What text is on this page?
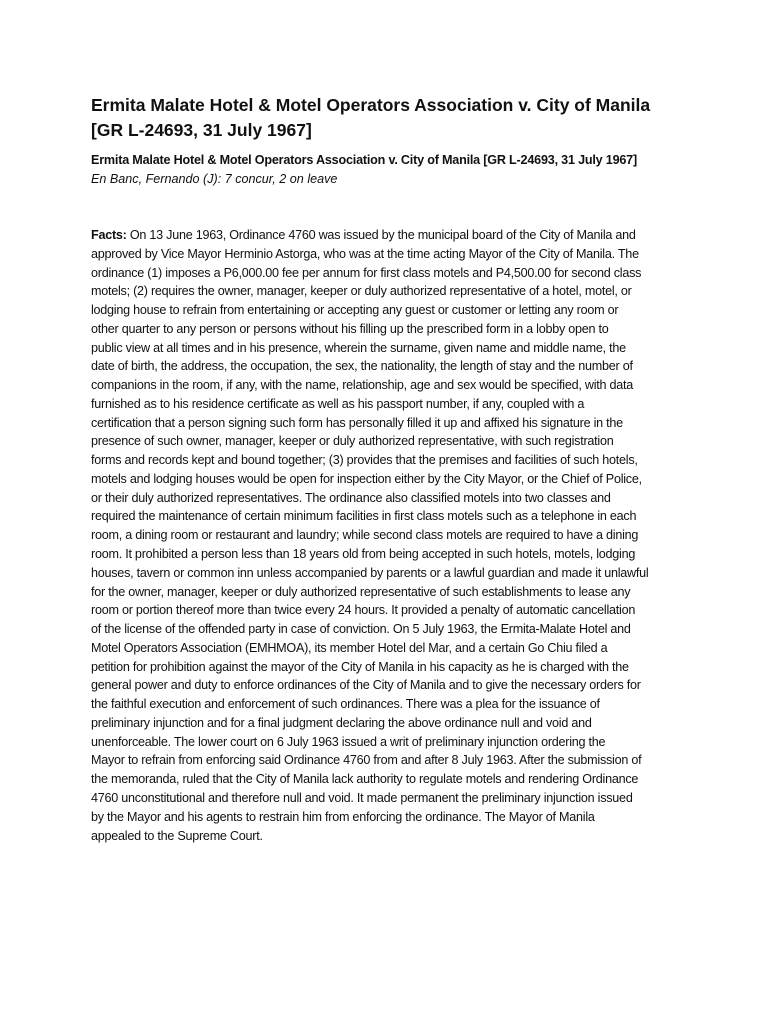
Ermita Malate Hotel & Motel Operators Association v. City of Manila [GR L-24693, 31 July 1967]

Ermita Malate Hotel & Motel Operators Association v. City of Manila [GR L-24693, 31 July 1967]

En Banc, Fernando (J): 7 concur, 2 on leave

Facts: On 13 June 1963, Ordinance 4760 was issued by the municipal board of the City of Manila and
approved by Vice Mayor Herminio Astorga, who was at the time acting Mayor of the City of Manila. The
ordinance (1) imposes a P6,000.00 fee per annum for first class motels and P4,500.00 for second class
motels; (2) requires the owner, manager, keeper or duly authorized representative of a hotel, motel, or
lodging house to refrain from entertaining or accepting any guest or customer or letting any room or
other quarter to any person or persons without his filling up the prescribed form in a lobby open to
public view at all times and in his presence, wherein the surname, given name and middle name, the
date of birth, the address, the occupation, the sex, the nationality, the length of stay and the number of
companions in the room, if any, with the name, relationship, age and sex would be specified, with data
furnished as to his residence certificate as well as his passport number, if any, coupled with a
certification that a person signing such form has personally filled it up and affixed his signature in the
presence of such owner, manager, keeper or duly authorized representative, with such registration
forms and records kept and bound together; (3) provides that the premises and facilities of such hotels,
motels and lodging houses would be open for inspection either by the City Mayor, or the Chief of Police,
or their duly authorized representatives. The ordinance also classified motels into two classes and
required the maintenance of certain minimum facilities in first class motels such as a telephone in each
room, a dining room or restaurant and laundry; while second class motels are required to have a dining
room. It prohibited a person less than 18 years old from being accepted in such hotels, motels, lodging
houses, tavern or common inn unless accompanied by parents or a lawful guardian and made it unlawful
for the owner, manager, keeper or duly authorized representative of such establishments to lease any
room or portion thereof more than twice every 24 hours. It provided a penalty of automatic cancellation
of the license of the offended party in case of conviction. On 5 July 1963, the Ermita-Malate Hotel and
Motel Operators Association (EMHMOA), its member Hotel del Mar, and a certain Go Chiu filed a
petition for prohibition against the mayor of the City of Manila in his capacity as he is charged with the
general power and duty to enforce ordinances of the City of Manila and to give the necessary orders for
the faithful execution and enforcement of such ordinances. There was a plea for the issuance of
preliminary injunction and for a final judgment declaring the above ordinance null and void and
unenforceable. The lower court on 6 July 1963 issued a writ of preliminary injunction ordering the
Mayor to refrain from enforcing said Ordinance 4760 from and after 8 July 1963. After the submission of
the memoranda, ruled that the City of Manila lack authority to regulate motels and rendering Ordinance
4760 unconstitutional and therefore null and void. It made permanent the preliminary injunction issued
by the Mayor and his agents to restrain him from enforcing the ordinance. The Mayor of Manila
appealed to the Supreme Court.
